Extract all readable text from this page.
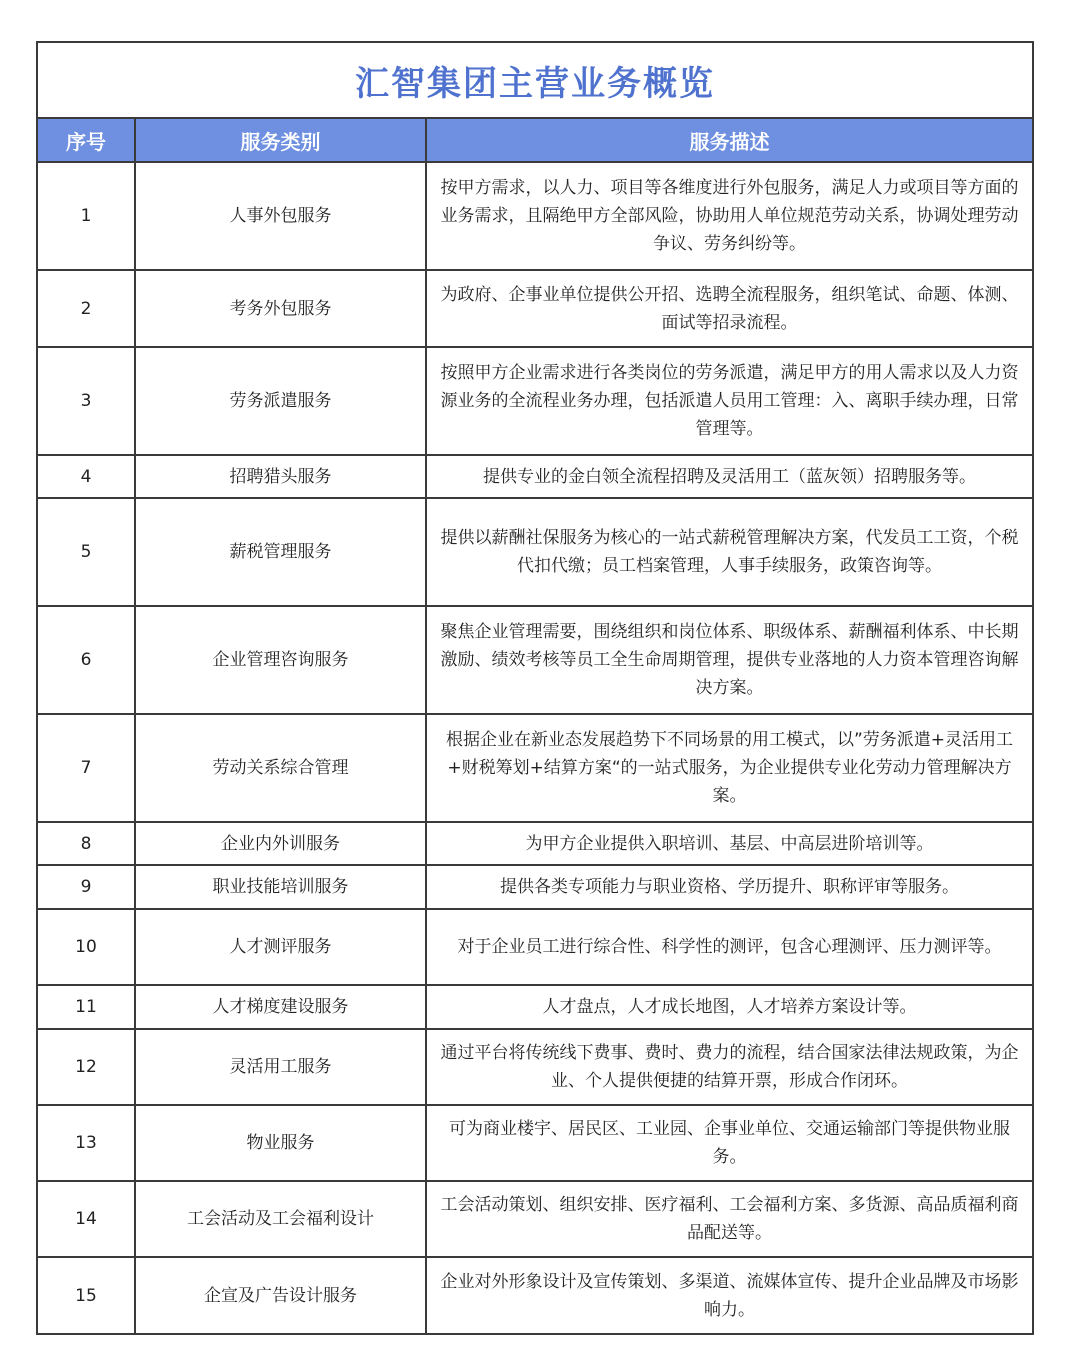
汇智集团主营业务概览
序号	服务类别	服务描述
1	人事外包服务	按甲方需求，以人力、项目等各维度进行外包服务，满足人力或项目等方面的业务需求，且隔绝甲方全部风险，协助用人单位规范劳动关系，协调处理劳动争议、劳务纠纷等。
2	考务外包服务	为政府、企事业单位提供公开招、选聘全流程服务，组织笔试、命题、体测、面试等招录流程。
3	劳务派遣服务	按照甲方企业需求进行各类岗位的劳务派遣，满足甲方的用人需求以及人力资源业务的全流程业务办理，包括派遣人员用工管理：入、离职手续办理，日常管理等。
4	招聘猎头服务	提供专业的金白领全流程招聘及灵活用工（蓝灰领）招聘服务等。
5	薪税管理服务	提供以薪酬社保服务为核心的一站式薪税管理解决方案，代发员工工资，个税代扣代缴；员工档案管理，人事手续服务，政策咨询等。
6	企业管理咨询服务	聚焦企业管理需要，围绕组织和岗位体系、职级体系、薪酬福利体系、中长期激励、绩效考核等员工全生命周期管理，提供专业落地的人力资本管理咨询解决方案。
7	劳动关系综合管理	根据企业在新业态发展趋势下不同场景的用工模式，以”劳务派遣+灵活用工+财税筹划+结算方案“的一站式服务，为企业提供专业化劳动力管理解决方案。
8	企业内外训服务	为甲方企业提供入职培训、基层、中高层进阶培训等。
9	职业技能培训服务	提供各类专项能力与职业资格、学历提升、职称评审等服务。
10	人才测评服务	对于企业员工进行综合性、科学性的测评，包含心理测评、压力测评等。
11	人才梯度建设服务	人才盘点，人才成长地图，人才培养方案设计等。
12	灵活用工服务	通过平台将传统线下费事、费时、费力的流程，结合国家法律法规政策，为企业、个人提供便捷的结算开票，形成合作闭环。
13	物业服务	可为商业楼宇、居民区、工业园、企事业单位、交通运输部门等提供物业服务。
14	工会活动及工会福利设计	工会活动策划、组织安排、医疗福利、工会福利方案、多货源、高品质福利商品配送等。
15	企宣及广告设计服务	企业对外形象设计及宣传策划、多渠道、流媒体宣传、提升企业品牌及市场影响力。
